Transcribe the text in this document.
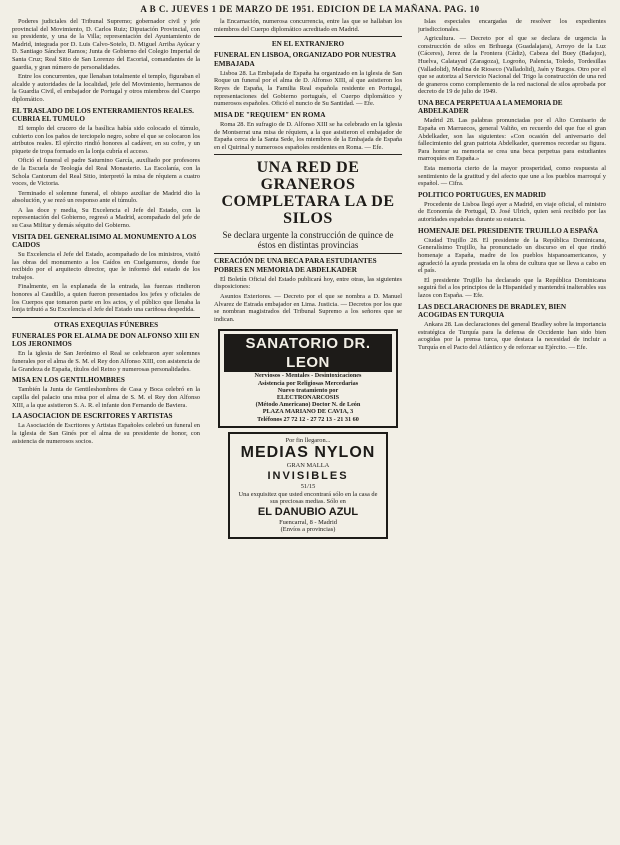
A B C. JUEVES 1 DE MARZO DE 1951. EDICION DE LA MAÑANA. PAG. 10

Poderes judiciales del Tribunal Supremo; gobernador civil y jefe provincial del Movimiento, D. Carlos Ruiz; Diputación Provincial, con su presidente, y una de la Villa; representación del Ayuntamiento de Madrid, integrada por D. Luis Calvo-Sotelo, D. Miguel Arriba Ayúcar y D. Santiago Sánchez Ramos; Junta de Gobierno del Colegio Imperial de Santa Cruz; Real Sitio de San Lorenzo del Escorial, comandantes de la guardia, y gran número de personalidades.

Entre los concurrentes, que llenaban totalmente el templo, figuraban el alcalde y autoridades de la localidad, jefe del Movimiento, hermanos de la Guardia Civil, el embajador de Portugal y otros miembros del Cuerpo diplomático.

EL TRASLADO DE LOS ENTERRAMIENTOS REALES. CUBRIA EL TUMULO

El templo del crucero de la basílica había sido colocado el túmulo, cubierto con los paños de terciopelo negro, sobre el que se colocaron los atributos reales. El ejército rindió honores al cadáver, en su cofre, y un piquete de tropa formado en la lonja cubría el acceso.

Ofició el funeral el padre Saturnino García, auxiliado por profesores de la Escuela de Teología del Real Monasterio. La Escolanía, con la Schola Cantorum del Real Sitio, interpretó la misa de réquiem a cuatro voces, de Victoria.

Terminado el solemne funeral, el obispo auxiliar de Madrid dio la absolución, y se rezó un responso ante el túmulo.

A las doce y media, Su Excelencia el Jefe del Estado, con la representación del Gobierno, regresó a Madrid, acompañado del jefe de su Casa Militar y demás séquito del Gobierno.

VISITA DEL GENERALISIMO AL MONUMENTO A LOS CAIDOS

Su Excelencia el Jefe del Estado, acompañado de los ministros, visitó las obras del monumento a los Caídos en Cuelgamuros, donde fue recibido por el arquitecto director, que le informó del estado de los trabajos.

Finalmente, en la explanada de la entrada, las fuerzas rindieron honores al Caudillo, a quien fueron presentados los jefes y oficiales de los Cuerpos que tomaron parte en los actos, y el público que llenaba la lonja tributó a Su Excelencia el Jefe del Estado una cariñosa despedida.

OTRAS EXEQUIAS FÚNEBRES
FUNERALES POR EL ALMA DE DON ALFONSO XIII EN LOS JERONIMOS

En la iglesia de San Jerónimo el Real se celebraron ayer solemnes funerales por el alma de S. M. el Rey don Alfonso XIII, con asistencia de la Grandeza de España, títulos del Reino y numerosas personalidades.

MISA EN LOS GENTILHOMBRES

También la Junta de Gentileshombres de Casa y Boca celebró en la capilla del palacio una misa por el alma de S. M. el Rey don Alfonso XIII, a la que asistieron S. A. R. el infante don Fernando de Baviera.

LA ASOCIACION DE ESCRITORES Y ARTISTAS

La Asociación de Escritores y Artistas Españoles celebró un funeral en la iglesia de San Ginés por el alma de su presidente de honor, con asistencia de numerosos socios.

la Encarnación, numerosa concurrencia, entre las que se hallaban los miembros del Cuerpo diplomático acreditado en Madrid.

EN EL EXTRANJERO
FUNERAL EN LISBOA, ORGANIZADO POR NUESTRA EMBAJADA

Lisboa 28. La Embajada de España ha organizado en la iglesia de San Roque un funeral por el alma de D. Alfonso XIII, al que asistieron los Reyes de España, la Familia Real española residente en Portugal, representaciones del Gobierno portugués, el Cuerpo diplomático y numerosos españoles. Ofició el nuncio de Su Santidad. — Efe.

MISA DE "REQUIEM" EN ROMA

Roma 28. En sufragio de D. Alfonso XIII se ha celebrado en la iglesia de Montserrat una misa de réquiem, a la que asistieron el embajador de España cerca de la Santa Sede, los miembros de la Embajada de España en el Quirinal y numerosos españoles residentes en Roma. — Efe.

UNA RED DE GRANEROS COMPLETARA LA DE SILOS
Se declara urgente la construcción de quince de éstos en distintas provincias
CREACIÓN DE UNA BECA PARA ESTUDIANTES POBRES EN MEMORIA DE ABDELKADER

El Boletín Oficial del Estado publicará hoy, entre otras, las siguientes disposiciones:

Asuntos Exteriores. — Decreto por el que se nombra a D. Manuel Alvarez de Estrada embajador en Lima. Justicia. — Decretos por los que se nombran magistrados del Tribunal Supremo a los señores que se indican.

SANATORIO DR. LEON
Nerviosos - Mentales - Desintoxicaciones
Asistencia por Religiosas Mercedarias
Nuevo tratamiento por
ELECTRONARCOSIS
(Método Americano) Doctor N. de León
PLAZA MARIANO DE CAVIA, 3
Teléfonos 27 72 12 - 27 72 13 - 21 31 60
Por fin llegaron...
MEDIAS NYLON
GRAN MALLA
INVISIBLES
51/15
Una exquisitez que usted encontrará sólo en la casa de sus preciosas medias. Sólo en
EL DANUBIO AZUL
Fuencarral, 8 - Madrid
(Envíos a provincias)

Islas especiales encargadas de resolver los expedientes jurisdiccionales.

Agricultura. — Decreto por el que se declara de urgencia la construcción de silos en Brihuega (Guadalajara), Arroyo de la Luz (Cáceres), Jerez de la Frontera (Cádiz), Cabeza del Buey (Badajoz), Huelva, Calatayud (Zaragoza), Logroño, Palencia, Toledo, Tordesillas (Valladolid), Medina de Rioseco (Valladolid), Jaén y Burgos. Otro por el que se autoriza al Servicio Nacional del Trigo la construcción de una red de graneros como complemento de la red nacional de silos aprobada por decreto de 19 de julio de 1949.

UNA BECA PERPETUA A LA MEMORIA DE ABDELKADER

Madrid 28. Las palabras pronunciadas por el Alto Comisario de España en Marruecos, general Valiño, en recuerdo del que fue el gran Abdelkader, son las siguientes: «Con ocasión del aniversario del fallecimiento del gran patriota Abdelkader, queremos recordar su figura. Para honrar su memoria se crea una beca perpetua para estudiantes marroquíes en España.»

Esta memoria cierto de la mayor prosperidad, como respuesta al sentimiento de la gratitud y del afecto que une a los pueblos marroquí y español. — Cifra.

POLITICO PORTUGUES, EN MADRID

Procedente de Lisboa llegó ayer a Madrid, en viaje oficial, el ministro de Economía de Portugal, D. José Ulrich, quien será recibido por las autoridades españolas durante su estancia.

HOMENAJE DEL PRESIDENTE TRUJILLO A ESPAÑA

Ciudad Trujillo 28. El presidente de la República Dominicana, Generalísimo Trujillo, ha pronunciado un discurso en el que rindió homenaje a España, madre de los pueblos hispanoamericanos, y agradeció la ayuda prestada en la obra de cultura que se lleva a cabo en el país.

El presidente Trujillo ha declarado que la República Dominicana seguirá fiel a los principios de la Hispanidad y mantendrá inalterables sus lazos con España. — Efe.

LAS DECLARACIONES DE BRADLEY, BIEN ACOGIDAS EN TURQUIA

Ankara 28. Las declaraciones del general Bradley sobre la importancia estratégica de Turquía para la defensa de Occidente han sido bien acogidas por la prensa turca, que destaca la necesidad de incluir a Turquía en el Pacto del Atlántico y de reforzar su Ejército. — Efe.
